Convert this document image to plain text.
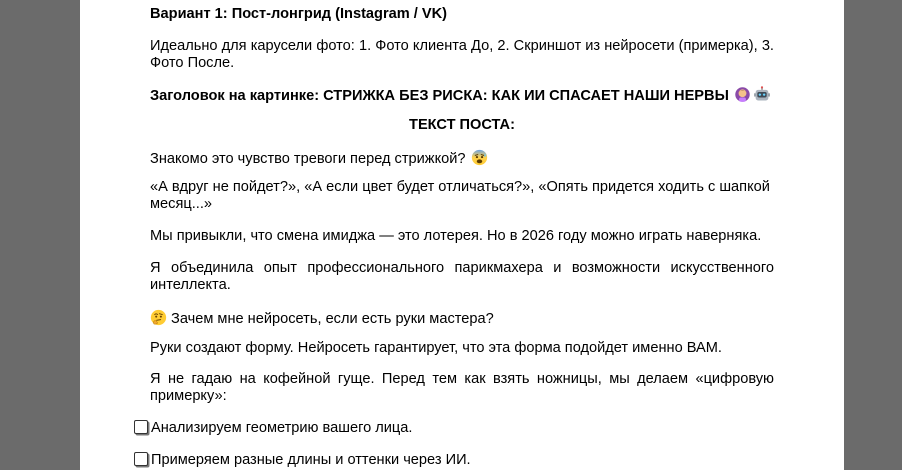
Вариант 1: Пост-лонгрид (Instagram / VK)

Идеально для карусели фото: 1. Фото клиента До, 2. Скриншот из нейросети (примерка), 3. Фото После.

Заголовок на картинке: СТРИЖКА БЕЗ РИСКА: КАК ИИ СПАСАЕТ НАШИ НЕРВЫ

ТЕКСТ ПОСТА:

Знакомо это чувство тревоги перед стрижкой?

«А вдруг не пойдет?», «А если цвет будет отличаться?», «Опять придется ходить с шапкой месяц...»

Мы привыкли, что смена имиджа — это лотерея. Но в 2026 году можно играть наверняка.

Я объединила опыт профессионального парикмахера и возможности искусственного интеллекта.

Зачем мне нейросеть, если есть руки мастера?

Руки создают форму. Нейросеть гарантирует, что эта форма подойдет именно ВАМ.

Я не гадаю на кофейной гуще. Перед тем как взять ножницы, мы делаем «цифровую примерку»:

Анализируем геометрию вашего лица.
Примеряем разные длины и оттенки через ИИ.
